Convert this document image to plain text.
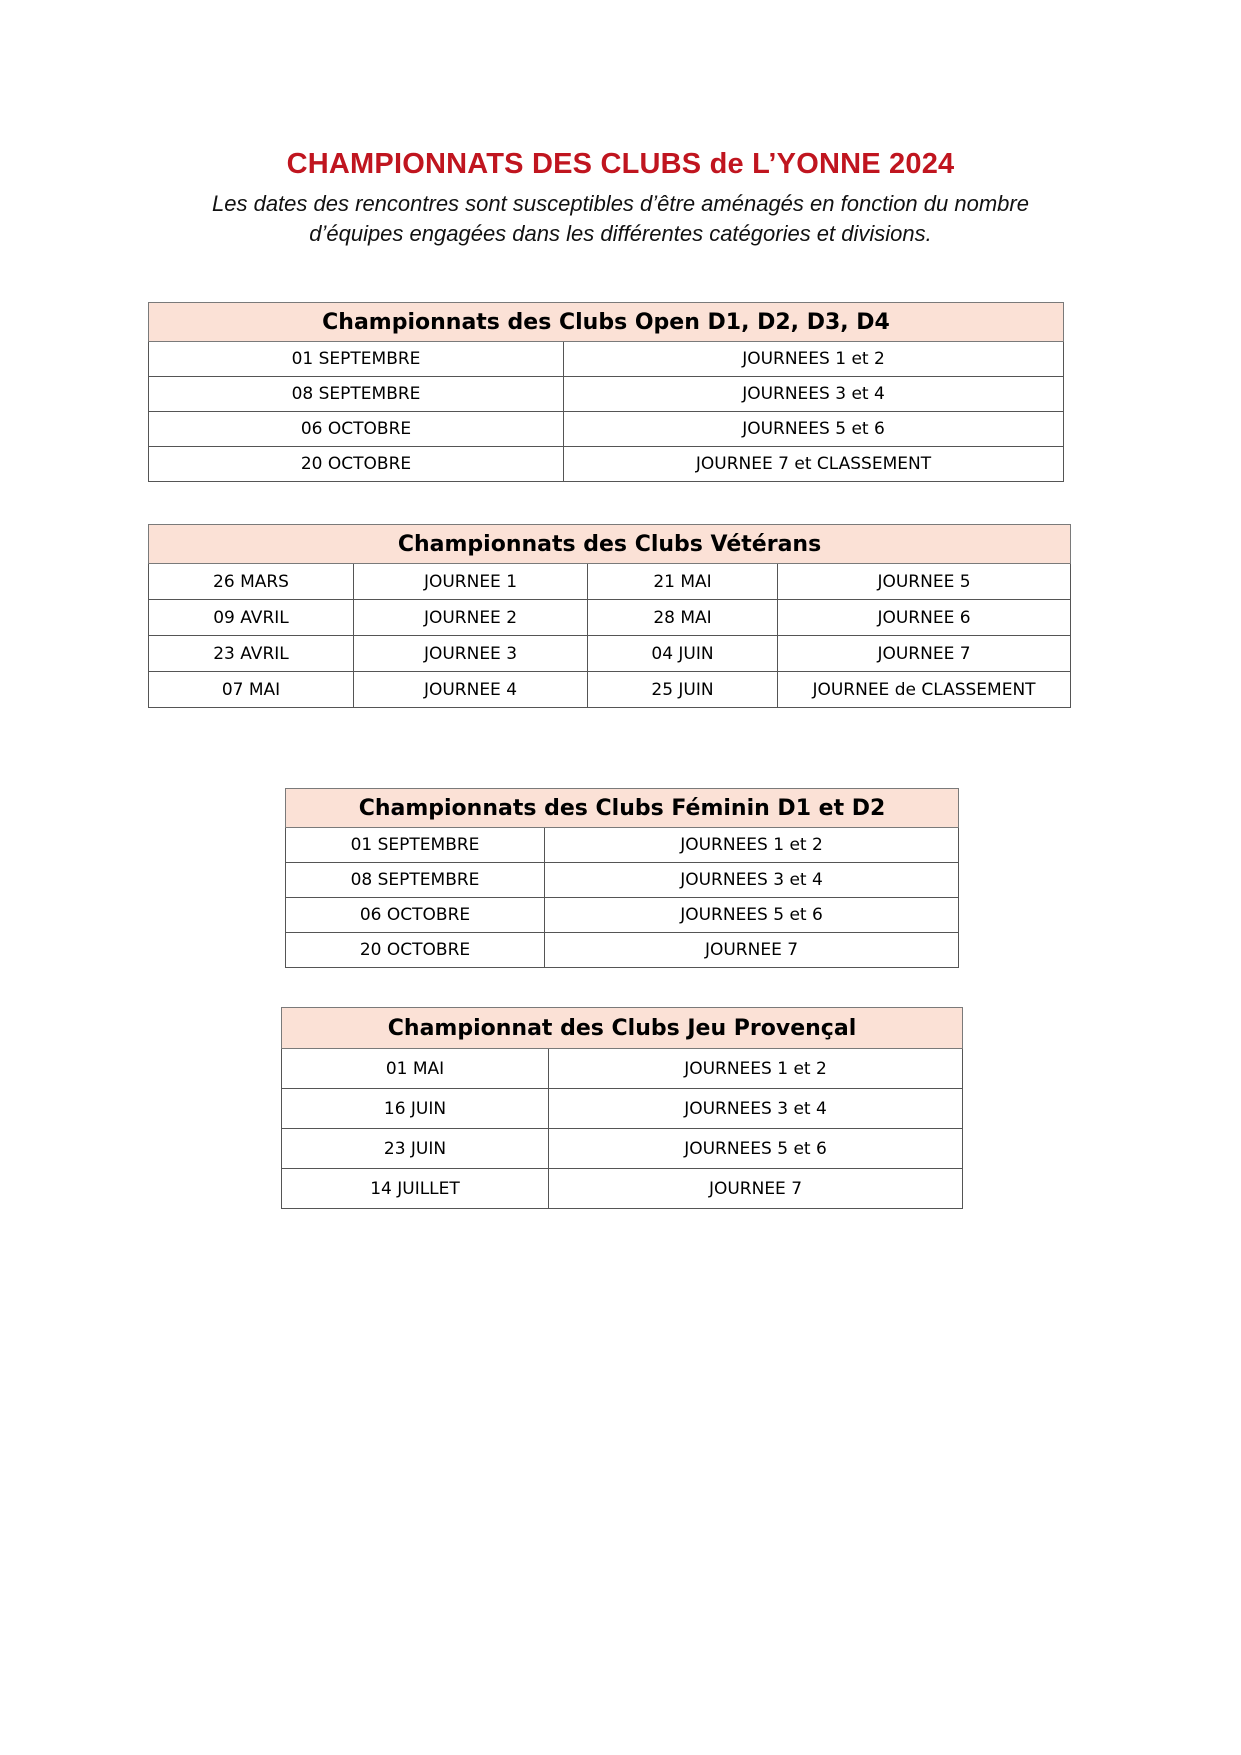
CHAMPIONNATS DES CLUBS de L’YONNE 2024
Les dates des rencontres sont susceptibles d’être aménagés en fonction du nombre
d’équipes engagées dans les différentes catégories et divisions.
Championnats des Clubs Open D1, D2, D3, D4	
01 SEPTEMBRE	JOURNEES 1 et 2
08 SEPTEMBRE	JOURNEES 3 et 4
06 OCTOBRE	JOURNEES 5 et 6
20 OCTOBRE	JOURNEE 7 et CLASSEMENT
Championnats des Clubs Vétérans			
26 MARS	JOURNEE 1	21 MAI	JOURNEE 5
09 AVRIL	JOURNEE 2	28 MAI	JOURNEE 6
23 AVRIL	JOURNEE 3	04 JUIN	JOURNEE 7
07 MAI	JOURNEE 4	25 JUIN	JOURNEE de CLASSEMENT
Championnats des Clubs Féminin D1 et D2	
01 SEPTEMBRE	JOURNEES 1 et 2
08 SEPTEMBRE	JOURNEES 3 et 4
06 OCTOBRE	JOURNEES 5 et 6
20 OCTOBRE	JOURNEE 7
Championnat des Clubs Jeu Provençal	
01 MAI	JOURNEES 1 et 2
16 JUIN	JOURNEES 3 et 4
23 JUIN	JOURNEES 5 et 6
14 JUILLET	JOURNEE 7
